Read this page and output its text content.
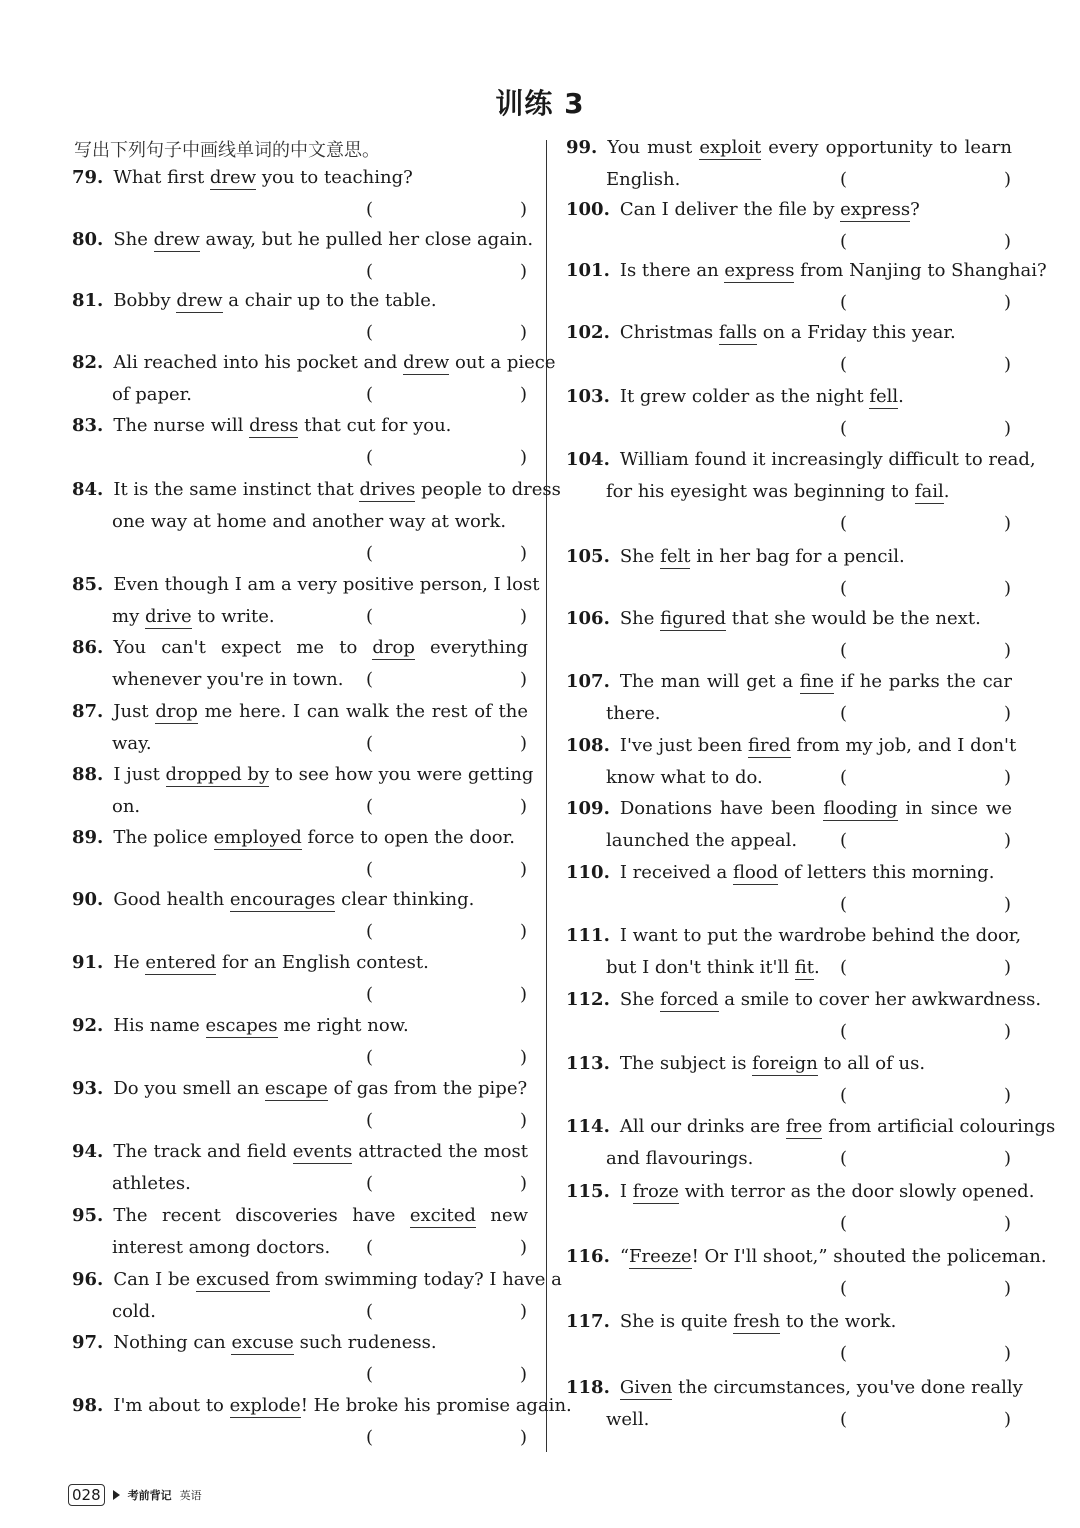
训练 3
写出下列句子中画线单词的中文意思。
79. What first drew you to teaching?
(	)
80. She drew away, but he pulled her close again.
(	)
81. Bobby drew a chair up to the table.
(	)
82. Ali reached into his pocket and drew out a piece
of paper.	(	)
83. The nurse will dress that cut for you.
(	)
84. It is the same instinct that drives people to dress
one way at home and another way at work.
(	)
85. Even though I am a very positive person, I lost
my drive to write.	(	)
86. You can't expect me to drop everything
whenever you're in town.	(	)
87. Just drop me here. I can walk the rest of the
way.	(	)
88. I just dropped by to see how you were getting
on.	(	)
89. The police employed force to open the door.
(	)
90. Good health encourages clear thinking.
(	)
91. He entered for an English contest.
(	)
92. His name escapes me right now.
(	)
93. Do you smell an escape of gas from the pipe?
(	)
94. The track and field events attracted the most
athletes.	(	)
95. The recent discoveries have excited new
interest among doctors.	(	)
96. Can I be excused from swimming today? I have a
cold.	(	)
97. Nothing can excuse such rudeness.
(	)
98. I'm about to explode! He broke his promise again.
(	)
99. You must exploit every opportunity to learn
English.	(	)
100. Can I deliver the file by express?
(	)
101. Is there an express from Nanjing to Shanghai?
(	)
102. Christmas falls on a Friday this year.
(	)
103. It grew colder as the night fell.
(	)
104. William found it increasingly difficult to read,
for his eyesight was beginning to fail.
(	)
105. She felt in her bag for a pencil.
(	)
106. She figured that she would be the next.
(	)
107. The man will get a fine if he parks the car
there.	(	)
108. I've just been fired from my job, and I don't
know what to do.	(	)
109. Donations have been flooding in since we
launched the appeal.	(	)
110. I received a flood of letters this morning.
(	)
111. I want to put the wardrobe behind the door,
but I don't think it'll fit.	(	)
112. She forced a smile to cover her awkwardness.
(	)
113. The subject is foreign to all of us.
(	)
114. All our drinks are free from artificial colourings
and flavourings.	(	)
115. I froze with terror as the door slowly opened.
(	)
116. “Freeze! Or I'll shoot,” shouted the policeman.
(	)
117. She is quite fresh to the work.
(	)
118. Given the circumstances, you've done really
well.	(	)
028	考前背记 英语
